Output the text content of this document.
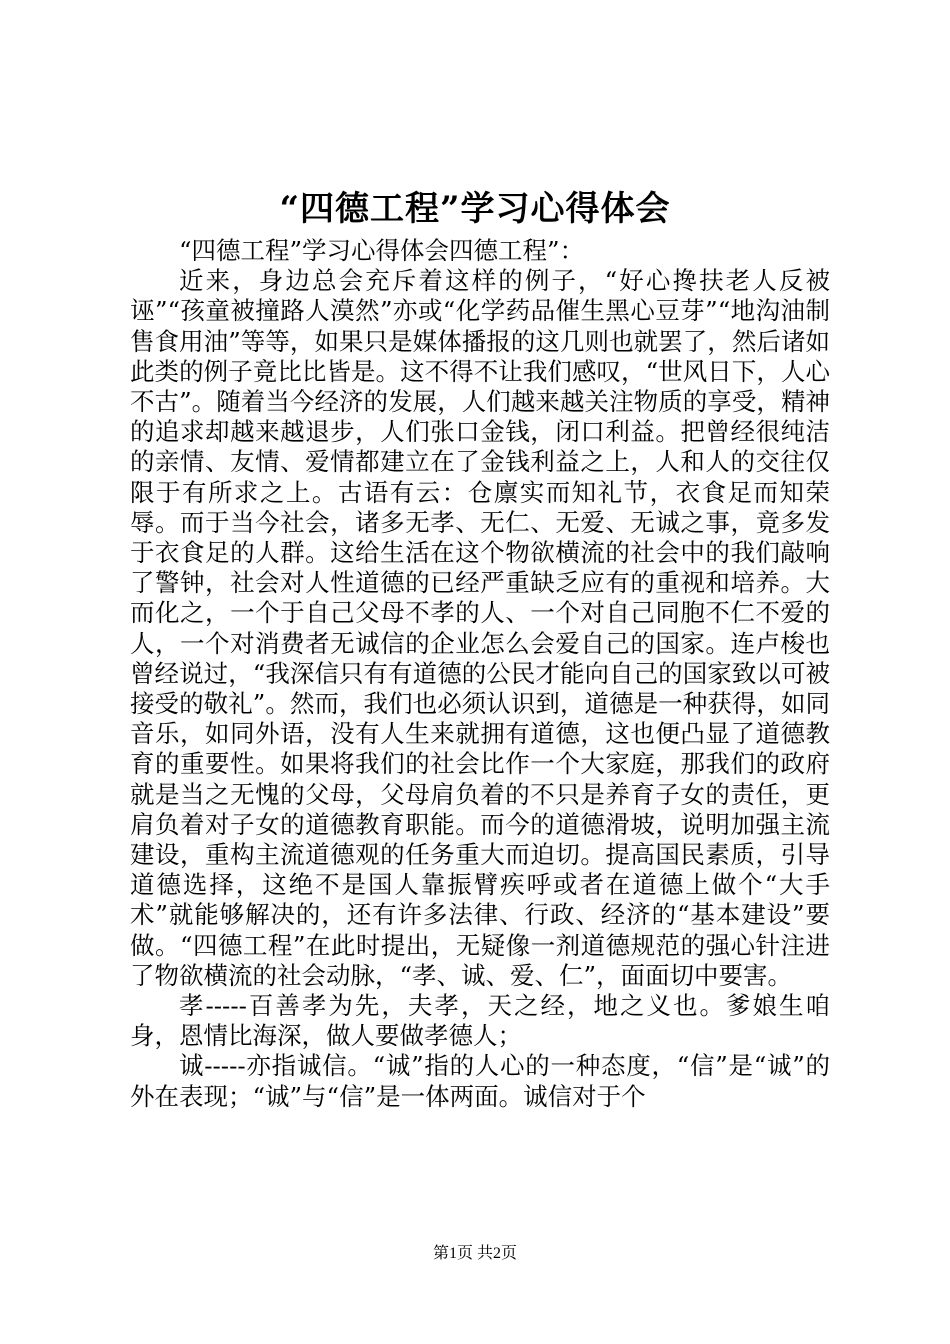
“四德工程”学习心得体会

“四德工程”学习心得体会四德工程”：

近来，身边总会充斥着这样的例子，“好心搀扶老人反被诬”“孩童被撞路人漠然”亦或“化学药品催生黑心豆芽”“地沟油制售食用油”等等，如果只是媒体播报的这几则也就罢了，然后诸如此类的例子竟比比皆是。这不得不让我们感叹，“世风日下，人心不古”。随着当今经济的发展，人们越来越关注物质的享受，精神的追求却越来越退步，人们张口金钱，闭口利益。把曾经很纯洁的亲情、友情、爱情都建立在了金钱利益之上，人和人的交往仅限于有所求之上。古语有云：仓廪实而知礼节，衣食足而知荣辱。而于当今社会，诸多无孝、无仁、无爱、无诚之事，竟多发于衣食足的人群。这给生活在这个物欲横流的社会中的我们敲响了警钟，社会对人性道德的已经严重缺乏应有的重视和培养。大而化之，一个于自己父母不孝的人、一个对自己同胞不仁不爱的人，一个对消费者无诚信的企业怎么会爱自己的国家。连卢梭也曾经说过，“我深信只有有道德的公民才能向自己的国家致以可被接受的敬礼”。然而，我们也必须认识到，道德是一种获得，如同音乐，如同外语，没有人生来就拥有道德，这也便凸显了道德教育的重要性。如果将我们的社会比作一个大家庭，那我们的政府就是当之无愧的父母，父母肩负着的不只是养育子女的责任，更肩负着对子女的道德教育职能。而今的道德滑坡，说明加强主流建设，重构主流道德观的任务重大而迫切。提高国民素质，引导道德选择，这绝不是国人靠振臂疾呼或者在道德上做个“大手术”就能够解决的，还有许多法律、行政、经济的“基本建设”要做。“四德工程”在此时提出，无疑像一剂道德规范的强心针注进了物欲横流的社会动脉，“孝、诚、爱、仁”，面面切中要害。

孝-----百善孝为先，夫孝，天之经，地之义也。爹娘生咱身，恩情比海深，做人要做孝德人；

诚-----亦指诚信。“诚”指的人心的一种态度，“信”是“诚”的外在表现；“诚”与“信”是一体两面。诚信对于个

第1页 共2页
